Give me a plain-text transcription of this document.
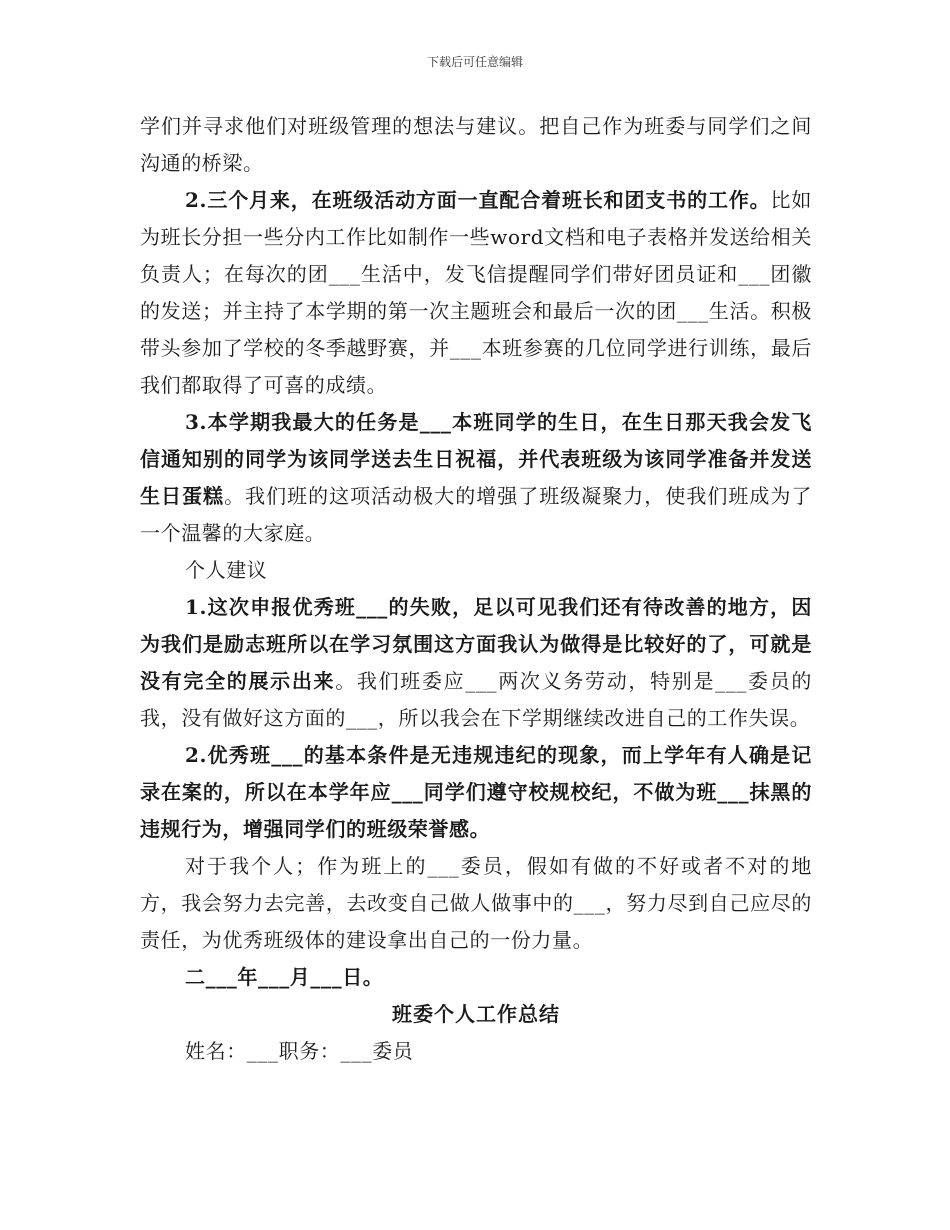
下载后可任意编辑

学们并寻求他们对班级管理的想法与建议。把自己作为班委与同学们之间沟通的桥梁。

2.三个月来，在班级活动方面一直配合着班长和团支书的工作。比如为班长分担一些分内工作比如制作一些word文档和电子表格并发送给相关负责人；在每次的团___生活中，发飞信提醒同学们带好团员证和___团徽的发送；并主持了本学期的第一次主题班会和最后一次的团___生活。积极带头参加了学校的冬季越野赛，并___本班参赛的几位同学进行训练，最后我们都取得了可喜的成绩。

3.本学期我最大的任务是___本班同学的生日，在生日那天我会发飞信通知别的同学为该同学送去生日祝福，并代表班级为该同学准备并发送生日蛋糕。我们班的这项活动极大的增强了班级凝聚力，使我们班成为了一个温馨的大家庭。

个人建议

1.这次申报优秀班___的失败，足以可见我们还有待改善的地方，因为我们是励志班所以在学习氛围这方面我认为做得是比较好的了，可就是没有完全的展示出来。我们班委应___两次义务劳动，特别是___委员的我，没有做好这方面的___，所以我会在下学期继续改进自己的工作失误。

2.优秀班___的基本条件是无违规违纪的现象，而上学年有人确是记录在案的，所以在本学年应___同学们遵守校规校纪，不做为班___抹黑的违规行为，增强同学们的班级荣誉感。

对于我个人；作为班上的___委员，假如有做的不好或者不对的地方，我会努力去完善，去改变自己做人做事中的___，努力尽到自己应尽的责任，为优秀班级体的建设拿出自己的一份力量。

二___年___月___日。

班委个人工作总结

姓名：___职务：___委员
